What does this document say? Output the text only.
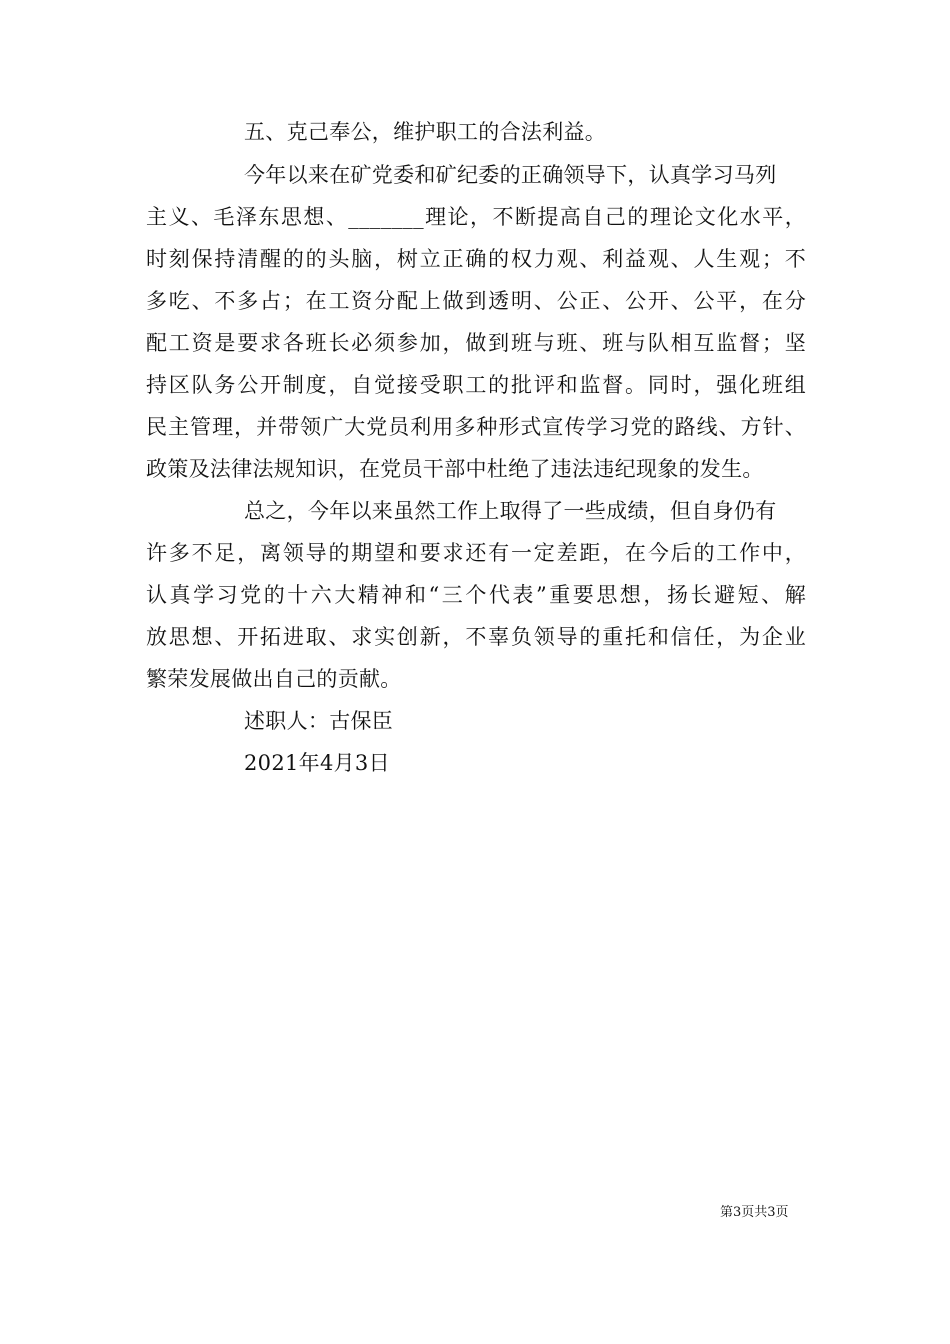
五、克己奉公，维护职工的合法利益。
今年以来在矿党委和矿纪委的正确领导下，认真学习马列
主义、毛泽东思想、_______理论，不断提高自己的理论文化水平，
时刻保持清醒的的头脑，树立正确的权力观、利益观、人生观；不
多吃、不多占；在工资分配上做到透明、公正、公开、公平，在分
配工资是要求各班长必须参加，做到班与班、班与队相互监督；坚
持区队务公开制度，自觉接受职工的批评和监督。同时，强化班组
民主管理，并带领广大党员利用多种形式宣传学习党的路线、方针、
政策及法律法规知识，在党员干部中杜绝了违法违纪现象的发生。
总之，今年以来虽然工作上取得了一些成绩，但自身仍有
许多不足，离领导的期望和要求还有一定差距，在今后的工作中，
认真学习党的十六大精神和“三个代表”重要思想，扬长避短、解
放思想、开拓进取、求实创新，不辜负领导的重托和信任，为企业
繁荣发展做出自己的贡献。
述职人：古保臣
2021年4月3日
第3页共3页
